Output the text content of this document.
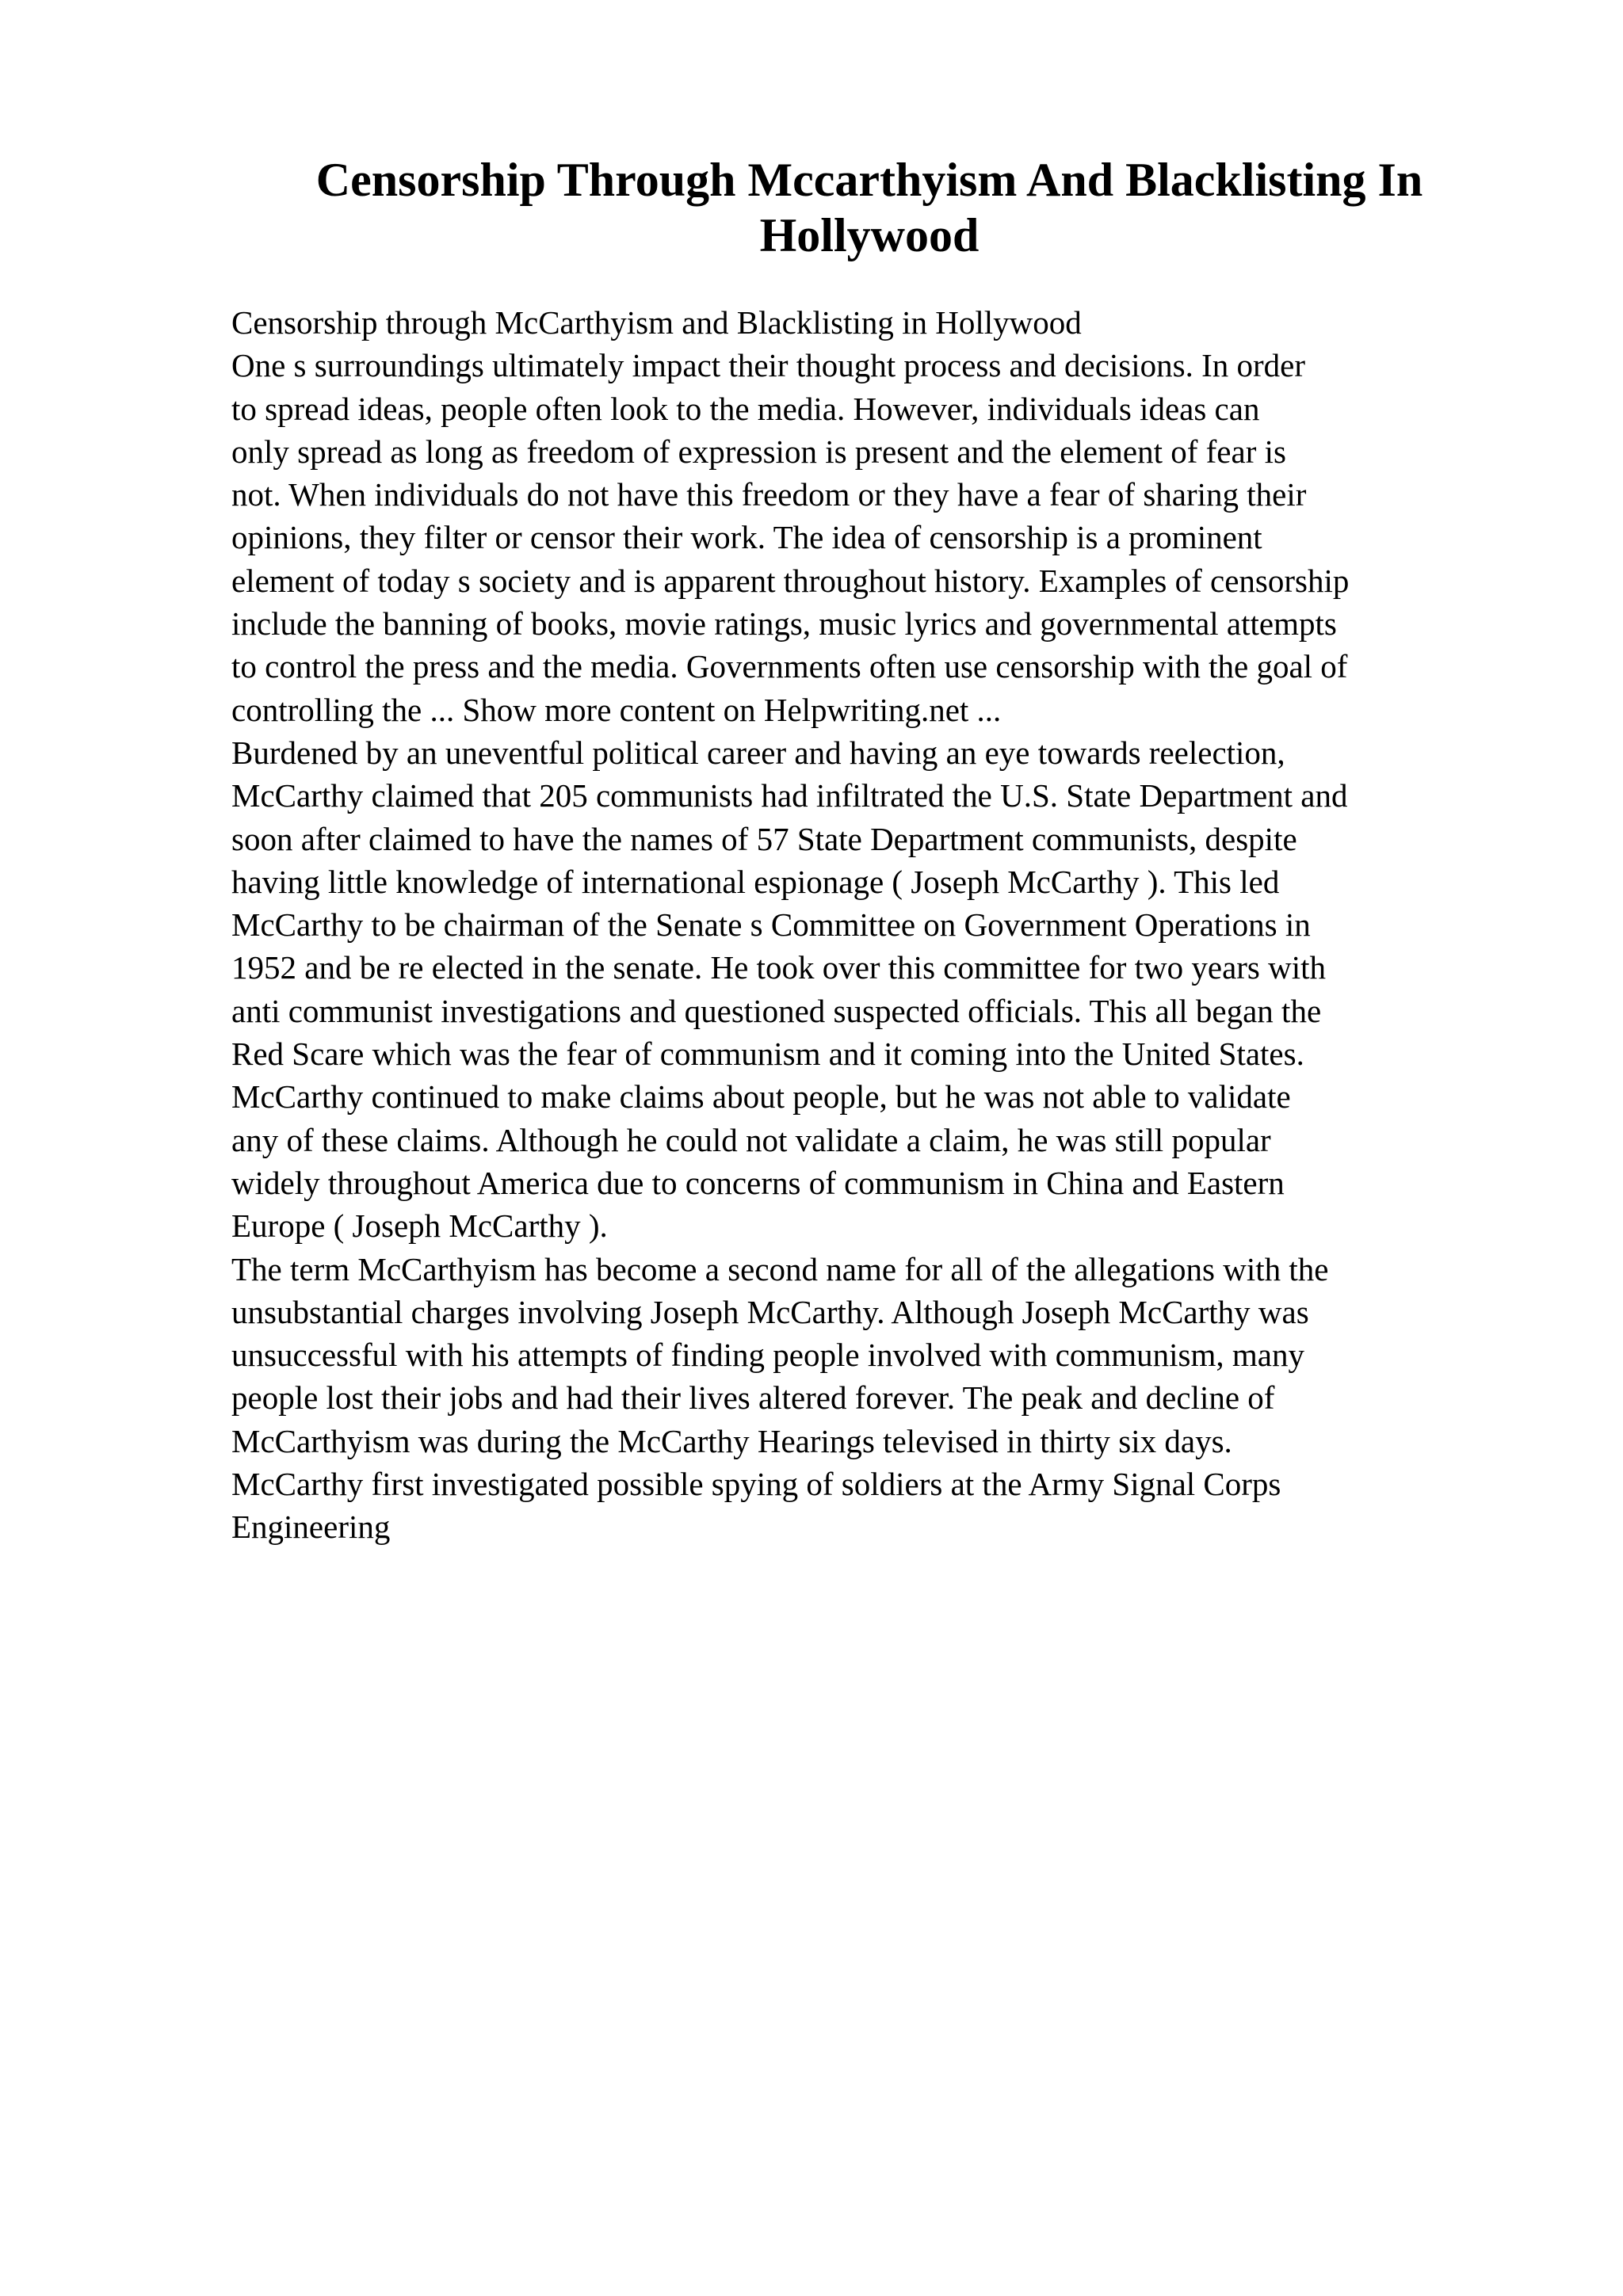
Censorship Through Mccarthyism And Blacklisting In
Hollywood
Censorship through McCarthyism and Blacklisting in Hollywood
One s surroundings ultimately impact their thought process and decisions. In order
to spread ideas, people often look to the media. However, individuals ideas can
only spread as long as freedom of expression is present and the element of fear is
not. When individuals do not have this freedom or they have a fear of sharing their
opinions, they filter or censor their work. The idea of censorship is a prominent
element of today s society and is apparent throughout history. Examples of censorship
include the banning of books, movie ratings, music lyrics and governmental attempts
to control the press and the media. Governments often use censorship with the goal of
controlling the ... Show more content on Helpwriting.net ...
Burdened by an uneventful political career and having an eye towards reelection,
McCarthy claimed that 205 communists had infiltrated the U.S. State Department and
soon after claimed to have the names of 57 State Department communists, despite
having little knowledge of international espionage ( Joseph McCarthy ). This led
McCarthy to be chairman of the Senate s Committee on Government Operations in
1952 and be re elected in the senate. He took over this committee for two years with
anti communist investigations and questioned suspected officials. This all began the
Red Scare which was the fear of communism and it coming into the United States.
McCarthy continued to make claims about people, but he was not able to validate
any of these claims. Although he could not validate a claim, he was still popular
widely throughout America due to concerns of communism in China and Eastern
Europe ( Joseph McCarthy ).
The term McCarthyism has become a second name for all of the allegations with the
unsubstantial charges involving Joseph McCarthy. Although Joseph McCarthy was
unsuccessful with his attempts of finding people involved with communism, many
people lost their jobs and had their lives altered forever. The peak and decline of
McCarthyism was during the McCarthy Hearings televised in thirty six days.
McCarthy first investigated possible spying of soldiers at the Army Signal Corps
Engineering
